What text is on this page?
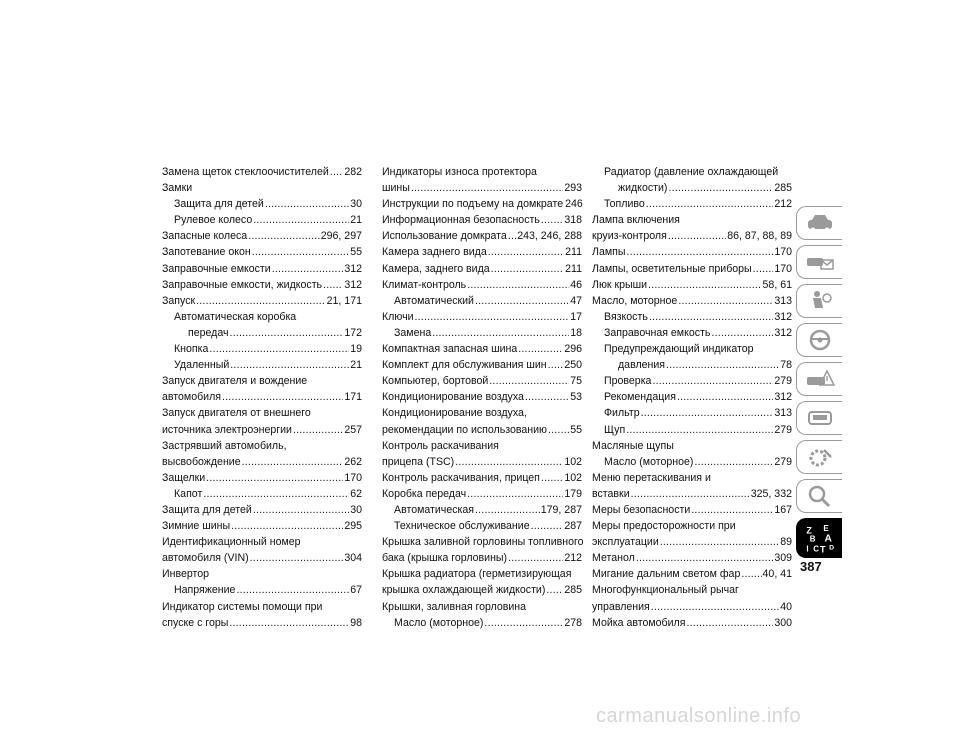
Замена щеток стеклоочистителей ..... 282
Замки
Защита для детей .....	30
Рулевое колесо .....	21
Запасные колеса .....	296, 297
Запотевание окон .....	55
Заправочные емкости .....	312
Заправочные емкости, жидкость ..... 312
Запуск .....	21, 171
Автоматическая коробка
передач .....	172
Кнопка .....	19
Удаленный .....	21
Запуск двигателя и вождение
автомобиля .....	171
Запуск двигателя от внешнего
источника электроэнергии .....	257
Застрявший автомобиль,
высвобождение .....	262
Защелки .....	170
Капот .....	62
Защита для детей .....	30
Зимние шины .....	295
Идентификационный номер
автомобиля (VIN) .....	304
Инвертор
Напряжение .....	67
Индикатор системы помощи при
спуске с горы .....	98
Индикаторы износа протектора
шины .....	293
Инструкции по подъему на домкрате 246
Информационная безопасность ..... 318
Использование домкрата ..... 243, 246, 288
Камера заднего вида .....	211
Камера, заднего вида .....	211
Климат-контроль .....	46
Автоматический .....	47
Ключи .....	17
Замена .....	18
Компактная запасная шина .....	296
Комплект для обслуживания шин ..... 250
Компьютер, бортовой .....	75
Кондиционирование воздуха .....	53
Кондиционирование воздуха,
рекомендации по использованию ..... 55
Контроль раскачивания
прицепа (TSC) .....	102
Контроль раскачивания, прицеп ..... 102
Коробка передач .....	179
Автоматическая .....	179, 287
Техническое обслуживание .....	287
Крышка заливной горловины топливного
бака (крышка горловины) .....	212
Крышка радиатора (герметизирующая
крышка охлаждающей жидкости) ..... 285
Крышки, заливная горловина
Масло (моторное) .....	278
Радиатор (давление охлаждающей
жидкости) .....	285
Топливо .....	212
Лампа включения
круиз-контроля .....	86, 87, 88, 89
Лампы .....	170
Лампы, осветительные приборы ..... 170
Люк крыши .....	58, 61
Масло, моторное .....	313
Вязкость .....	312
Заправочная емкость .....	312
Предупреждающий индикатор
давления .....	78
Проверка .....	279
Рекомендация .....	312
Фильтр .....	313
Щуп .....	279
Масляные щупы
Масло (моторное) .....	279
Меню перетаскивания и
вставки .....	325, 332
Меры безопасности .....	167
Меры предосторожности при
эксплуатации .....	89
Метанол .....	309
Мигание дальним светом фар ..... 40, 41
Многофункциональный рычаг
управления .....	40
Мойка автомобиля .....	300
Z E
B A
I C T D
387
carmanualsonline.info
